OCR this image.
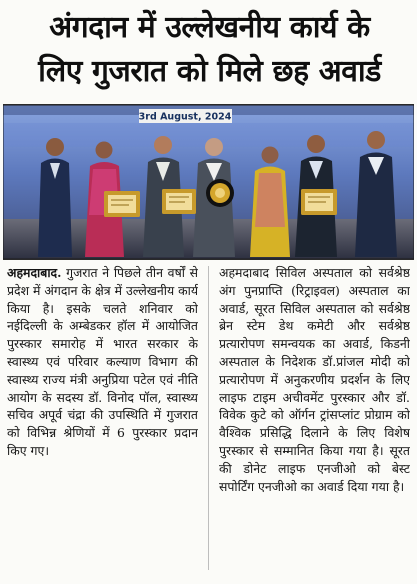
अंगदान में उल्लेखनीय कार्य के
लिए गुजरात को मिले छह अवार्ड
3rd August, 2024

अहमदाबाद. गुजरात ने पिछले तीन वर्षों से प्रदेश में अंगदान के क्षेत्र में उल्लेखनीय कार्य किया है। इसके चलते शनिवार को नईदिल्ली के अम्बेडकर हॉल में आयोजित पुरस्कार समारोह में भारत सरकार के स्वास्थ्य एवं परिवार कल्याण विभाग की स्वास्थ्य राज्य मंत्री अनुप्रिया पटेल एवं नीति आयोग के सदस्य डॉ. विनोद पॉल, स्वास्थ्य सचिव अपूर्व चंद्रा की उपस्थिति में गुजरात को विभिन्न श्रेणियों में 6 पुरस्कार प्रदान किए गए।

अहमदाबाद सिविल अस्पताल को सर्वश्रेष्ठ अंग पुनप्राप्ति (रिट्राइवल) अस्पताल का अवार्ड, सूरत सिविल अस्पताल को सर्वश्रेष्ठ ब्रेन स्टेम डेथ कमेटी और सर्वश्रेष्ठ प्रत्यारोपण समन्वयक का अवार्ड, किडनी अस्पताल के निदेशक डॉ.प्रांजल मोदी को प्रत्यारोपण में अनुकरणीय प्रदर्शन के लिए लाइफ टाइम अचीवमेंट पुरस्कार और डॉ. विवेक कुटे को ऑर्गन ट्रांसप्लांट प्रोग्राम को वैश्विक प्रसिद्धि दिलाने के लिए विशेष पुरस्कार से सम्मानित किया गया है। सूरत की डोनेट लाइफ एनजीओ को बेस्ट सपोर्टिंग एनजीओ का अवार्ड दिया गया है।
